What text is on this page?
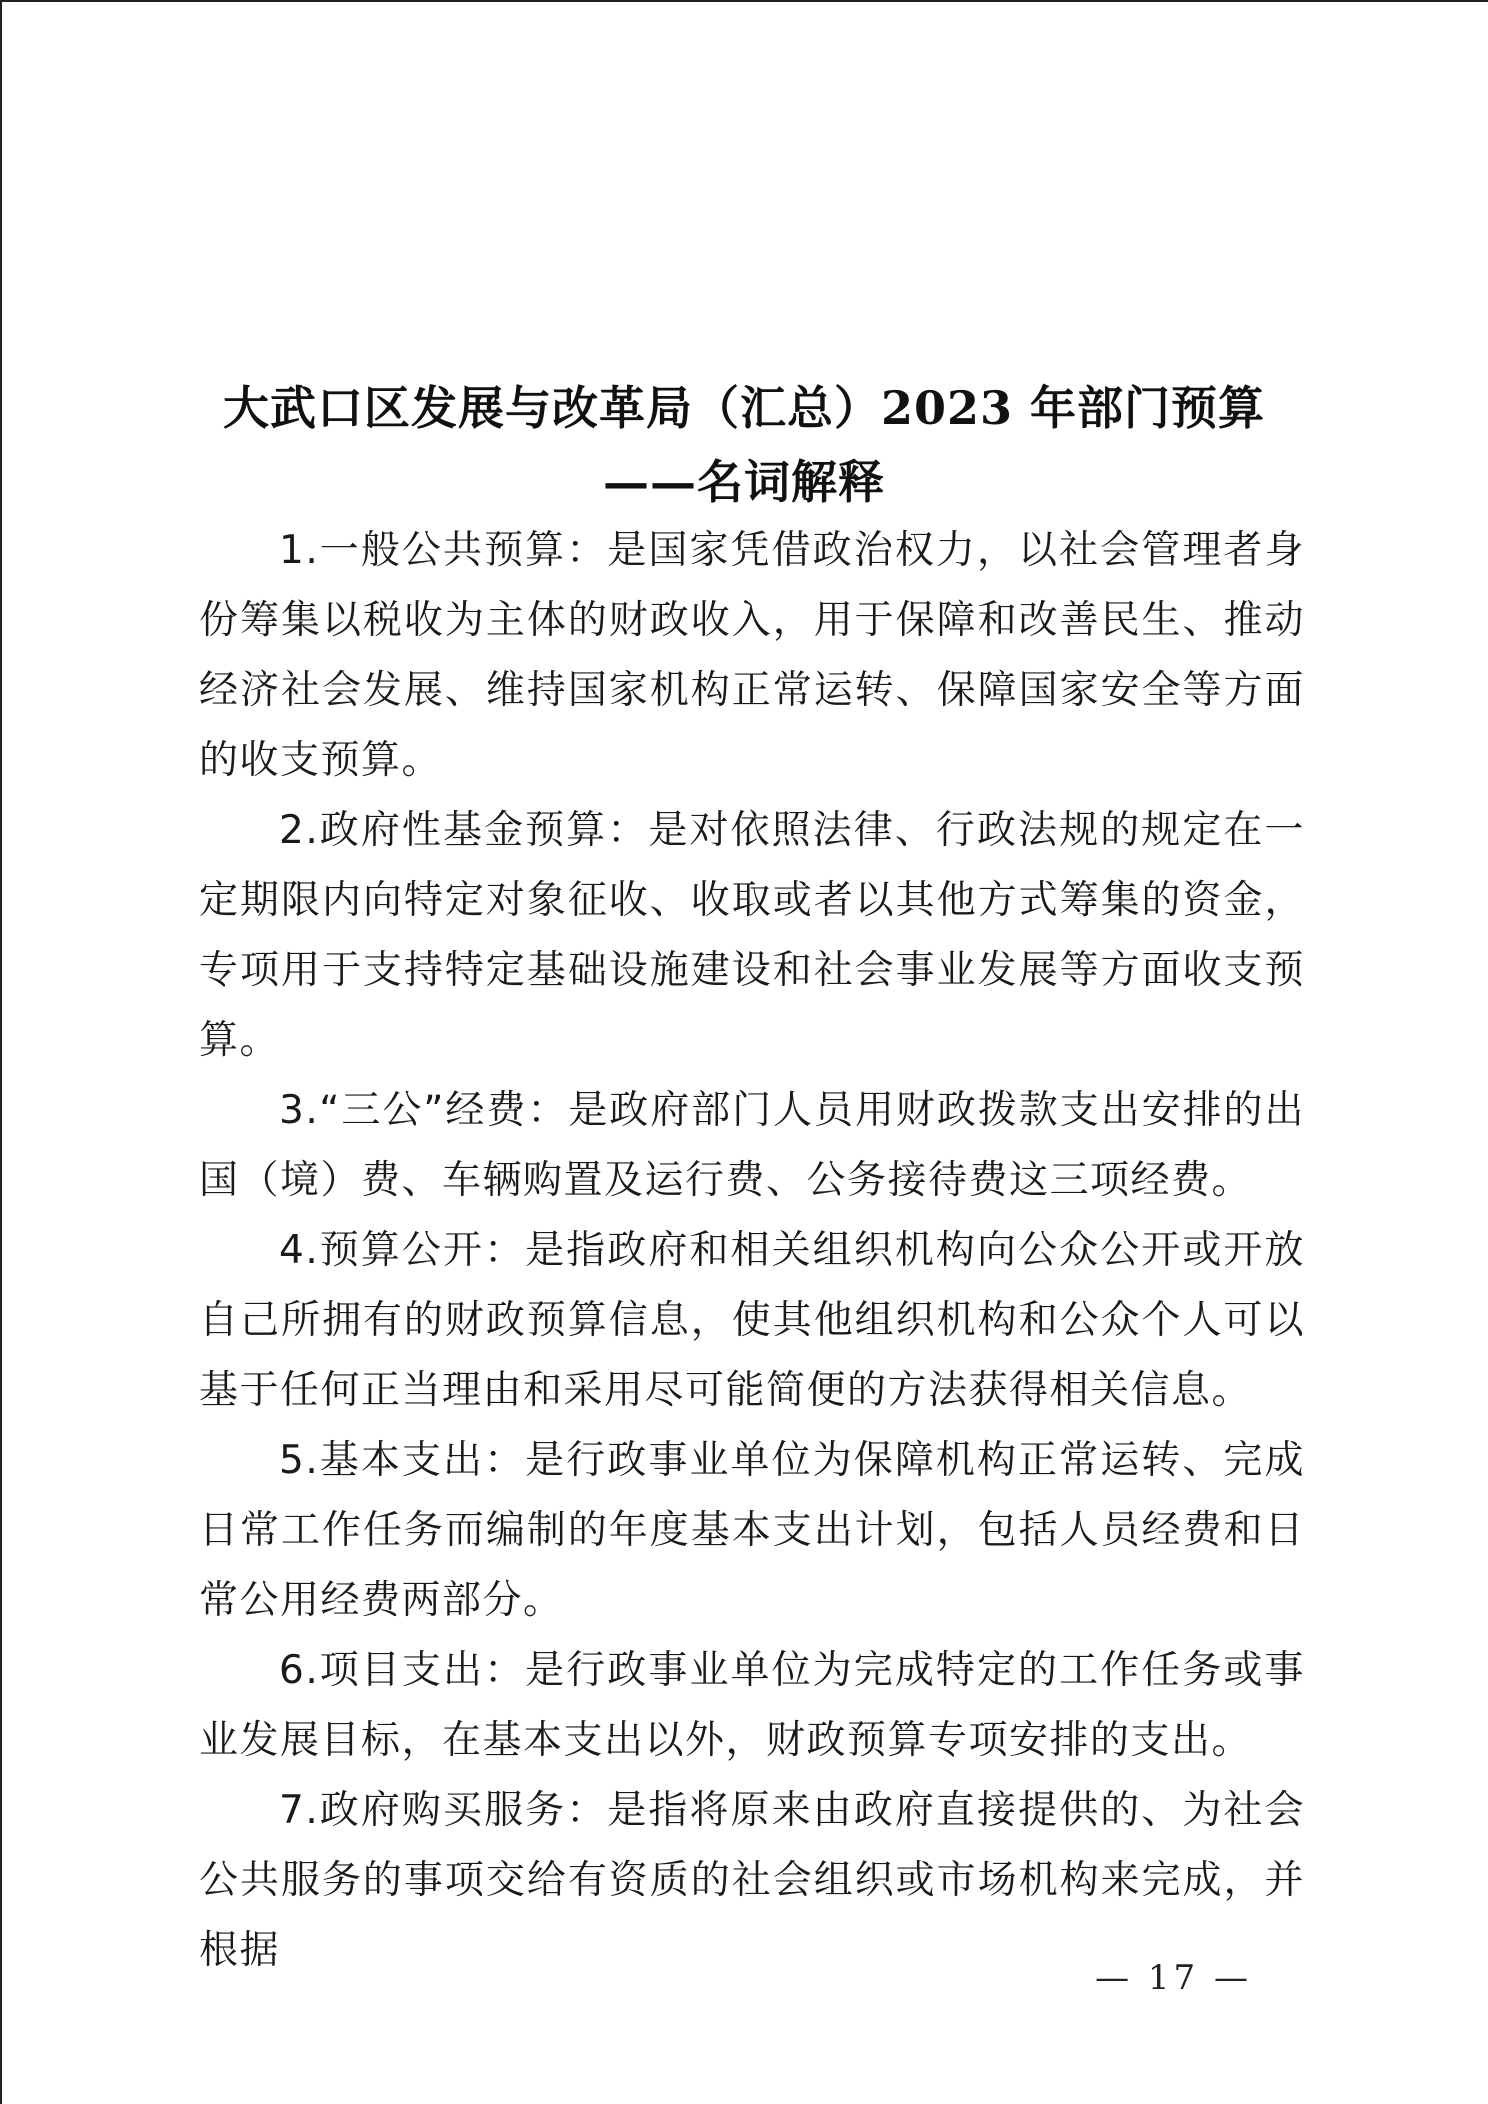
大武口区发展与改革局（汇总）2023 年部门预算
——名词解释

1.一般公共预算：是国家凭借政治权力，以社会管理者身份筹集以税收为主体的财政收入，用于保障和改善民生、推动经济社会发展、维持国家机构正常运转、保障国家安全等方面的收支预算。

2.政府性基金预算：是对依照法律、行政法规的规定在一定期限内向特定对象征收、收取或者以其他方式筹集的资金，专项用于支持特定基础设施建设和社会事业发展等方面收支预算。

3.“三公”经费：是政府部门人员用财政拨款支出安排的出国（境）费、车辆购置及运行费、公务接待费这三项经费。

4.预算公开：是指政府和相关组织机构向公众公开或开放自己所拥有的财政预算信息，使其他组织机构和公众个人可以基于任何正当理由和采用尽可能简便的方法获得相关信息。

5.基本支出：是行政事业单位为保障机构正常运转、完成日常工作任务而编制的年度基本支出计划，包括人员经费和日常公用经费两部分。

6.项目支出：是行政事业单位为完成特定的工作任务或事业发展目标，在基本支出以外，财政预算专项安排的支出。

7.政府购买服务：是指将原来由政府直接提供的、为社会公共服务的事项交给有资质的社会组织或市场机构来完成，并根据

— 17 —
